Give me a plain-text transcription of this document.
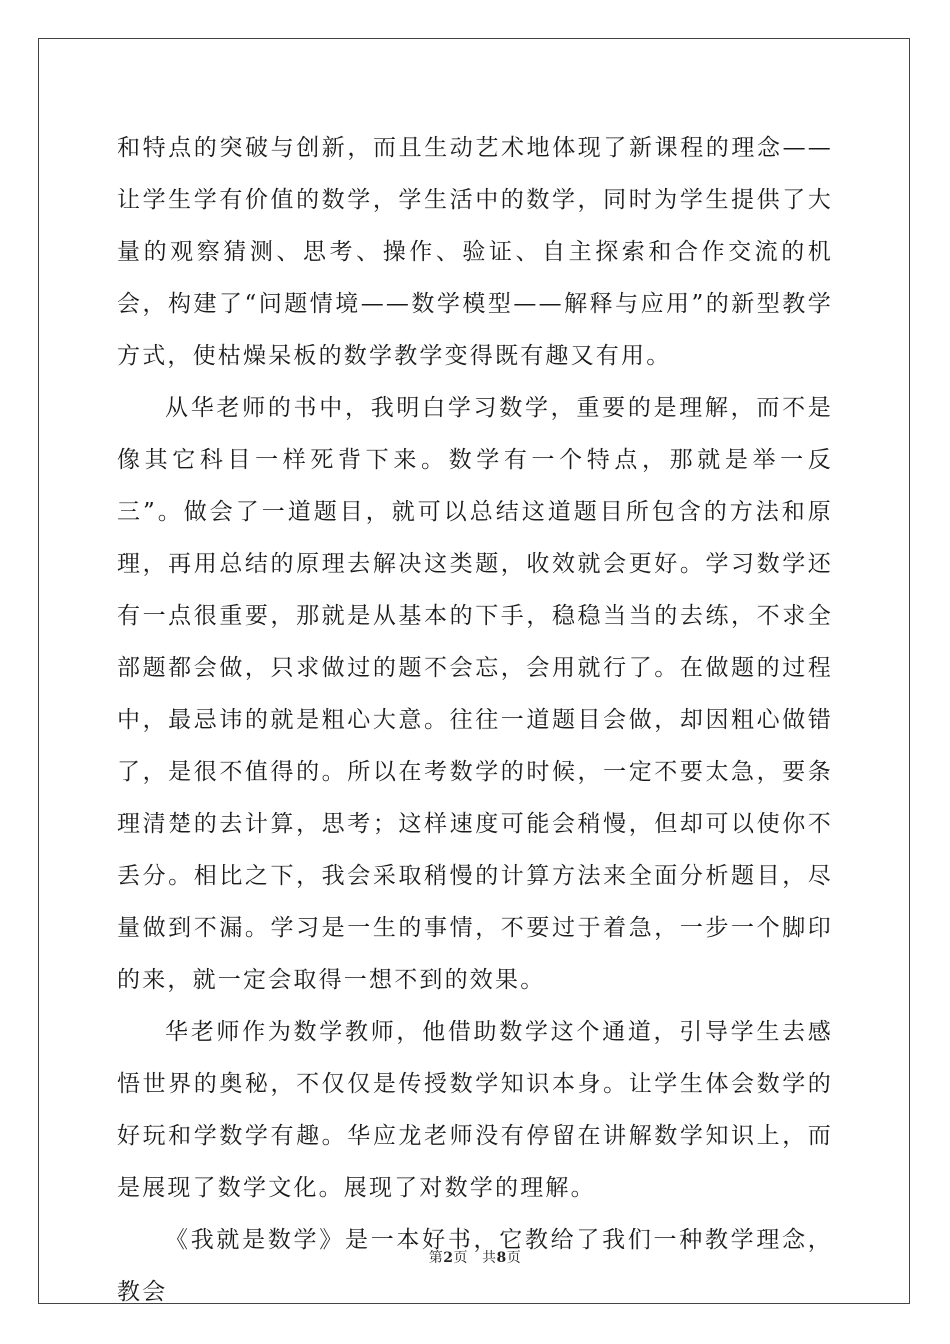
和特点的突破与创新，而且生动艺术地体现了新课程的理念——让学生学有价值的数学，学生活中的数学，同时为学生提供了大量的观察猜测、思考、操作、验证、自主探索和合作交流的机会，构建了“问题情境——数学模型——解释与应用”的新型教学方式，使枯燥呆板的数学教学变得既有趣又有用。

从华老师的书中，我明白学习数学，重要的是理解，而不是像其它科目一样死背下来。数学有一个特点，那就是举一反三”。做会了一道题目，就可以总结这道题目所包含的方法和原理，再用总结的原理去解决这类题，收效就会更好。学习数学还有一点很重要，那就是从基本的下手，稳稳当当的去练，不求全部题都会做，只求做过的题不会忘，会用就行了。在做题的过程中，最忌讳的就是粗心大意。往往一道题目会做，却因粗心做错了，是很不值得的。所以在考数学的时候，一定不要太急，要条理清楚的去计算，思考；这样速度可能会稍慢，但却可以使你不丢分。相比之下，我会采取稍慢的计算方法来全面分析题目，尽量做到不漏。学习是一生的事情，不要过于着急，一步一个脚印的来，就一定会取得一想不到的效果。

华老师作为数学教师，他借助数学这个通道，引导学生去感悟世界的奥秘，不仅仅是传授数学知识本身。让学生体会数学的好玩和学数学有趣。华应龙老师没有停留在讲解数学知识上，而是展现了数学文化。展现了对数学的理解。

《我就是数学》是一本好书，它教给了我们一种教学理念，教会

第2页 共8页
